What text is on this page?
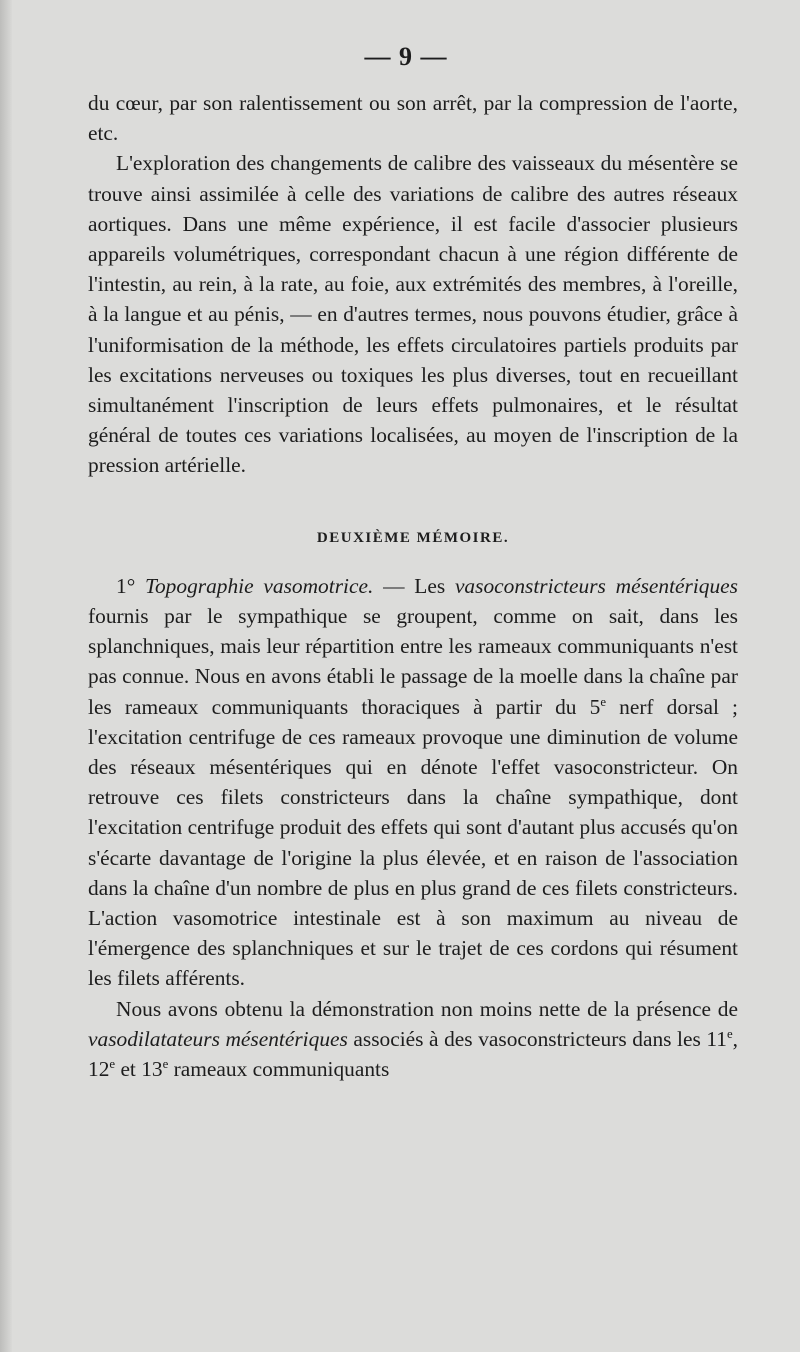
— 9 —

du cœur, par son ralentissement ou son arrêt, par la compression de l'aorte, etc.

L'exploration des changements de calibre des vaisseaux du mésentère se trouve ainsi assimilée à celle des variations de calibre des autres réseaux aortiques. Dans une même expérience, il est facile d'associer plusieurs appareils volumétriques, correspondant chacun à une région différente de l'intestin, au rein, à la rate, au foie, aux extrémités des membres, à l'oreille, à la langue et au pénis, — en d'autres termes, nous pouvons étudier, grâce à l'uniformisation de la méthode, les effets circulatoires partiels produits par les excitations nerveuses ou toxiques les plus diverses, tout en recueillant simultanément l'inscription de leurs effets pulmonaires, et le résultat général de toutes ces variations localisées, au moyen de l'inscription de la pression artérielle.

DEUXIÈME MÉMOIRE.

1° Topographie vasomotrice. — Les vasoconstricteurs mésentériques fournis par le sympathique se groupent, comme on sait, dans les splanchniques, mais leur répartition entre les rameaux communiquants n'est pas connue. Nous en avons établi le passage de la moelle dans la chaîne par les rameaux communiquants thoraciques à partir du 5e nerf dorsal ; l'excitation centrifuge de ces rameaux provoque une diminution de volume des réseaux mésentériques qui en dénote l'effet vasoconstricteur. On retrouve ces filets constricteurs dans la chaîne sympathique, dont l'excitation centrifuge produit des effets qui sont d'autant plus accusés qu'on s'écarte davantage de l'origine la plus élevée, et en raison de l'association dans la chaîne d'un nombre de plus en plus grand de ces filets constricteurs. L'action vasomotrice intestinale est à son maximum au niveau de l'émergence des splanchniques et sur le trajet de ces cordons qui résument les filets afférents.

Nous avons obtenu la démonstration non moins nette de la présence de vasodilatateurs mésentériques associés à des vasoconstricteurs dans les 11e, 12e et 13e rameaux communiquants
